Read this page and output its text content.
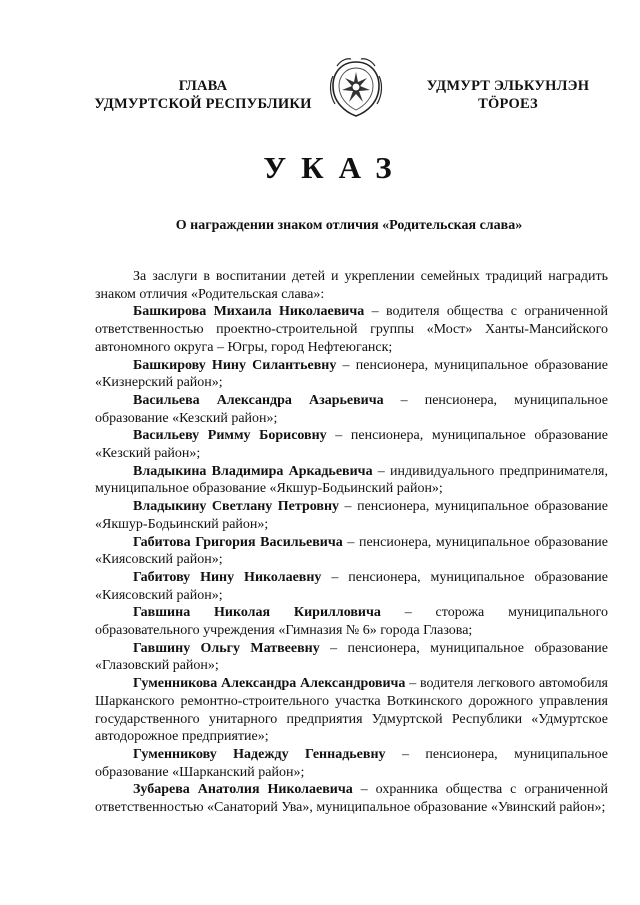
ГЛАВА
УДМУРТСКОЙ РЕСПУБЛИКИ
УДМУРТ ЭЛЬКУНЛЭН
ТӦРОЕЗ
УКАЗ
О награждении знаком отличия «Родительская слава»

За заслуги в воспитании детей и укреплении семейных традиций наградить знаком отличия «Родительская слава»:

Башкирова Михаила Николаевича – водителя общества с ограниченной ответственностью проектно-строительной группы «Мост» Ханты-Мансийского автономного округа – Югры, город Нефтеюганск;

Башкирову Нину Силантьевну – пенсионера, муниципальное образование «Кизнерский район»;

Васильева Александра Азарьевича – пенсионера, муниципальное образование «Кезский район»;

Васильеву Римму Борисовну – пенсионера, муниципальное образование «Кезский район»;

Владыкина Владимира Аркадьевича – индивидуального предпринимателя, муниципальное образование «Якшур-Бодьинский район»;

Владыкину Светлану Петровну – пенсионера, муниципальное образование «Якшур-Бодьинский район»;

Габитова Григория Васильевича – пенсионера, муниципальное образование «Киясовский район»;

Габитову Нину Николаевну – пенсионера, муниципальное образование «Киясовский район»;

Гавшина Николая Кирилловича – сторожа муниципального образовательного учреждения «Гимназия № 6» города Глазова;

Гавшину Ольгу Матвеевну – пенсионера, муниципальное образование «Глазовский район»;

Гуменникова Александра Александровича – водителя легкового автомобиля Шарканского ремонтно-строительного участка Воткинского дорожного управления государственного унитарного предприятия Удмуртской Республики «Удмуртское автодорожное предприятие»;

Гуменникову Надежду Геннадьевну – пенсионера, муниципальное образование «Шарканский район»;

Зубарева Анатолия Николаевича – охранника общества с ограниченной ответственностью «Санаторий Ува», муниципальное образование «Увинский район»;
